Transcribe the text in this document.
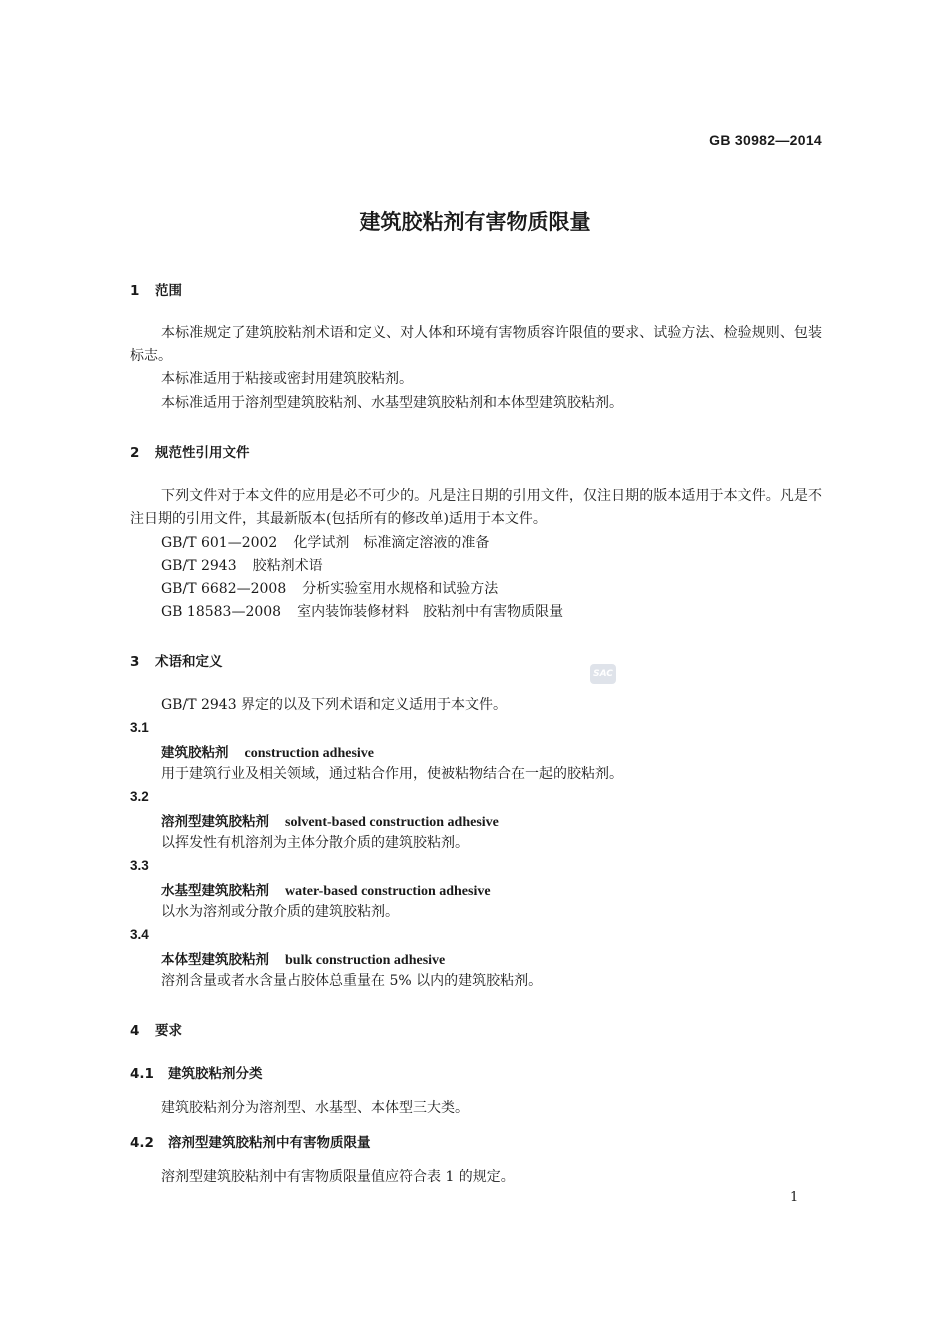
GB 30982—2014
建筑胶粘剂有害物质限量
1 范围
本标准规定了建筑胶粘剂术语和定义、对人体和环境有害物质容许限值的要求、试验方法、检验规则、包装标志。
本标准适用于粘接或密封用建筑胶粘剂。
本标准适用于溶剂型建筑胶粘剂、水基型建筑胶粘剂和本体型建筑胶粘剂。
2 规范性引用文件
下列文件对于本文件的应用是必不可少的。凡是注日期的引用文件，仅注日期的版本适用于本文件。凡是不注日期的引用文件，其最新版本(包括所有的修改单)适用于本文件。
GB/T 601—2002 化学试剂　标准滴定溶液的准备
GB/T 2943 胶粘剂术语
GB/T 6682—2008 分析实验室用水规格和试验方法
GB 18583—2008 室内装饰装修材料　胶粘剂中有害物质限量
3 术语和定义
SAC
GB/T 2943 界定的以及下列术语和定义适用于本文件。
3.1
建筑胶粘剂 construction adhesive
用于建筑行业及相关领域，通过粘合作用，使被粘物结合在一起的胶粘剂。
3.2
溶剂型建筑胶粘剂 solvent-based construction adhesive
以挥发性有机溶剂为主体分散介质的建筑胶粘剂。
3.3
水基型建筑胶粘剂 water-based construction adhesive
以水为溶剂或分散介质的建筑胶粘剂。
3.4
本体型建筑胶粘剂 bulk construction adhesive
溶剂含量或者水含量占胶体总重量在 5% 以内的建筑胶粘剂。
4 要求
4.1 建筑胶粘剂分类
建筑胶粘剂分为溶剂型、水基型、本体型三大类。
4.2 溶剂型建筑胶粘剂中有害物质限量
溶剂型建筑胶粘剂中有害物质限量值应符合表 1 的规定。
1
